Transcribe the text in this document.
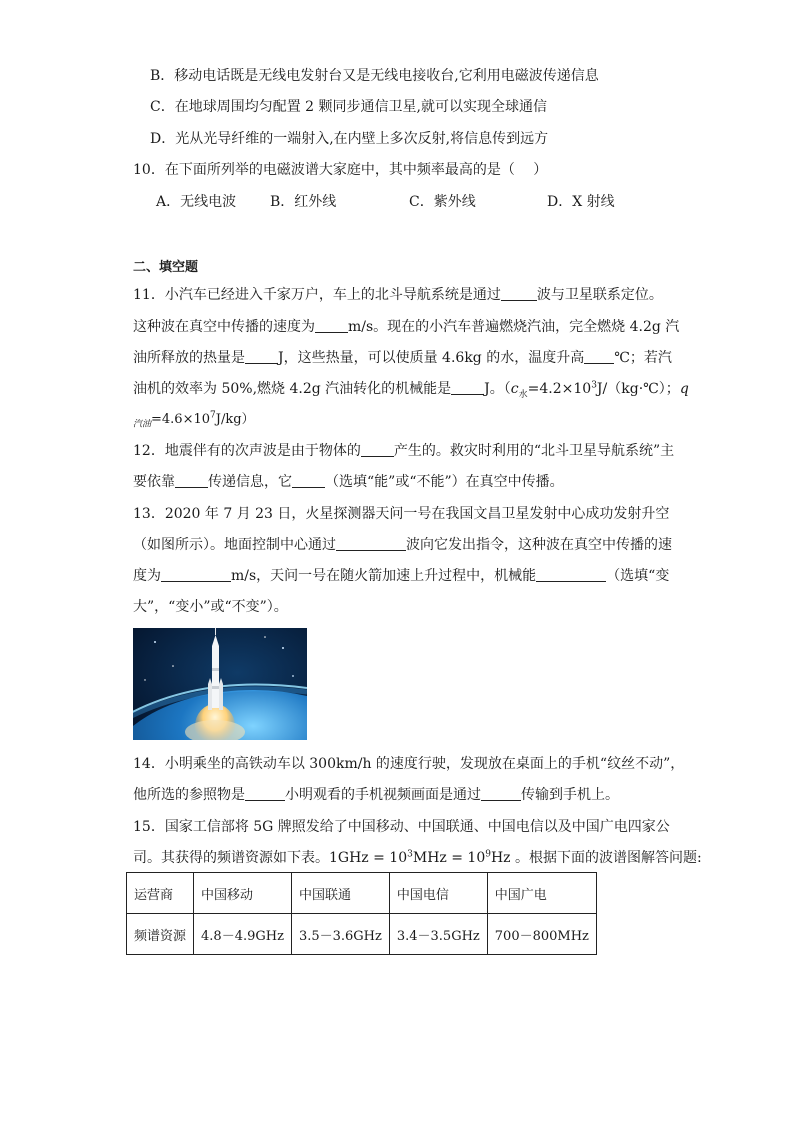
B．移动电话既是无线电发射台又是无线电接收台,它利用电磁波传递信息
C．在地球周围均匀配置 2 颗同步通信卫星,就可以实现全球通信
D．光从光导纤维的一端射入,在内壁上多次反射,将信息传到远方
10．在下面所列举的电磁波谱大家庭中，其中频率最高的是（　 ）
A．无线电波 B．红外线	C．紫外线	D．X 射线
二、填空题
11．小汽车已经进入千家万户，车上的北斗导航系统是通过	波与卫星联系定位。
这种波在真空中传播的速度为 m/s。现在的小汽车普遍燃烧汽油，完全燃烧 4.2g 汽
油所释放的热量是 J，这些热量，可以使质量 4.6kg 的水，温度升高 ℃；若汽
油机的效率为 50%,燃烧 4.2g 汽油转化的机械能是 J。（$c_水=4.2\times 10^3J/(kg\cdot℃)$；q
$_{汽油}=4.6\times 10^7J/kg$）
12．地震伴有的次声波是由于物体的 产生的。救灾时利用的“北斗卫星导航系统”主
要依靠 传递信息，它 （选填“能”或“不能”）在真空中传播。
13．2020 年 7 月 23 日，火星探测器天问一号在我国文昌卫星发射中心成功发射升空
（如图所示）。地面控制中心通过	波向它发出指令，这种波在真空中传播的速
度为	m/s，天问一号在随火箭加速上升过程中，机械能	（选填“变
大”，“变小”或“不变”）。
14．小明乘坐的高铁动车以 300km/h 的速度行驶，发现放在桌面上的手机“纹丝不动”，
他所选的参照物是	小明观看的手机视频画面是通过	传输到手机上。
15．国家工信部将 5G 牌照发给了中国移动、中国联通、中国电信以及中国广电四家公
司。其获得的频谱资源如下表。$1GHz = 10^3MHz = 10^9Hz$ 。根据下面的波谱图解答问题:
运营商	中国移动	中国联通	中国电信	中国广电
频谱资源	4.8－4.9GHz	3.5－3.6GHz	3.4－3.5GHz	700－800MHz
